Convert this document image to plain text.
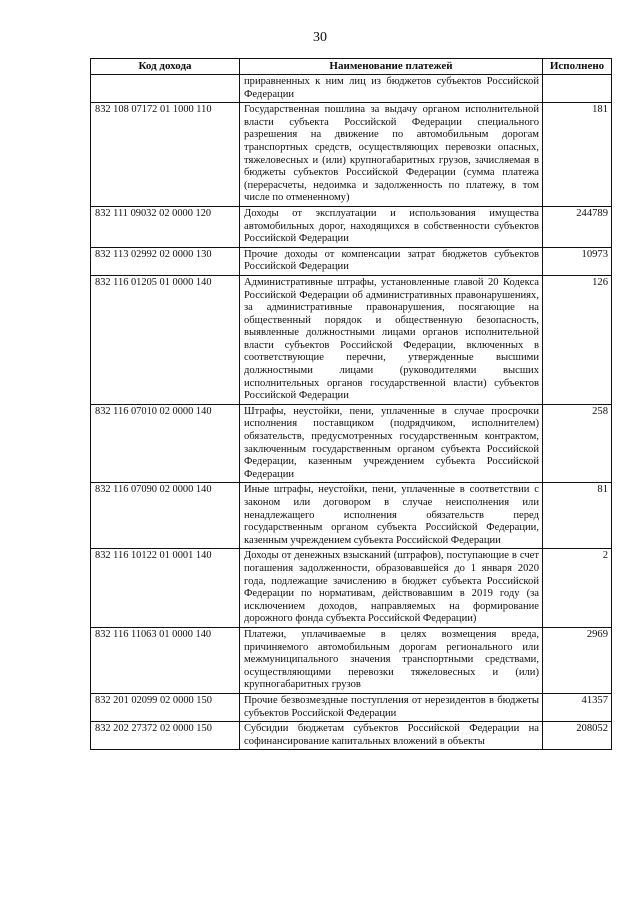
30
Код дохода	Наименование платежей	Исполнено
	приравненных к ним лиц из бюджетов субъектов Российской Федерации	
832 108 07172 01 1000 110	Государственная пошлина за выдачу органом исполнительной власти субъекта Российской Федерации специального разрешения на движение по автомобильным дорогам транспортных средств, осуществляющих перевозки опасных, тяжеловесных и (или) крупногабаритных грузов, зачисляемая в бюджеты субъектов Российской Федерации (сумма платежа (перерасчеты, недоимка и задолженность по платежу, в том числе по отмененному)	181
832 111 09032 02 0000 120	Доходы от эксплуатации и использования имущества автомобильных дорог, находящихся в собственности субъектов Российской Федерации	244789
832 113 02992 02 0000 130	Прочие доходы от компенсации затрат бюджетов субъектов Российской Федерации	10973
832 116 01205 01 0000 140	Административные штрафы, установленные главой 20 Кодекса Российской Федерации об административных правонарушениях, за административные правонарушения, посягающие на общественный порядок и общественную безопасность, выявленные должностными лицами органов исполнительной власти субъектов Российской Федерации, включенных в соответствующие перечни, утвержденные высшими должностными лицами (руководителями высших исполнительных органов государственной власти) субъектов Российской Федерации	126
832 116 07010 02 0000 140	Штрафы, неустойки, пени, уплаченные в случае просрочки исполнения поставщиком (подрядчиком, исполнителем) обязательств, предусмотренных государственным контрактом, заключенным государственным органом субъекта Российской Федерации, казенным учреждением субъекта Российской Федерации	258
832 116 07090 02 0000 140	Иные штрафы, неустойки, пени, уплаченные в соответствии с законом или договором в случае неисполнения или ненадлежащего исполнения обязательств перед государственным органом субъекта Российской Федерации, казенным учреждением субъекта Российской Федерации	81
832 116 10122 01 0001 140	Доходы от денежных взысканий (штрафов), поступающие в счет погашения задолженности, образовавшейся до 1 января 2020 года, подлежащие зачислению в бюджет субъекта Российской Федерации по нормативам, действовавшим в 2019 году (за исключением доходов, направляемых на формирование дорожного фонда субъекта Российской Федерации)	2
832 116 11063 01 0000 140	Платежи, уплачиваемые в целях возмещения вреда, причиняемого автомобильным дорогам регионального или межмуниципального значения транспортными средствами, осуществляющими перевозки тяжеловесных и (или) крупногабаритных грузов	2969
832 201 02099 02 0000 150	Прочие безвозмездные поступления от нерезидентов в бюджеты субъектов Российской Федерации	41357
832 202 27372 02 0000 150	Субсидии бюджетам субъектов Российской Федерации на софинансирование капитальных вложений в объекты	208052
